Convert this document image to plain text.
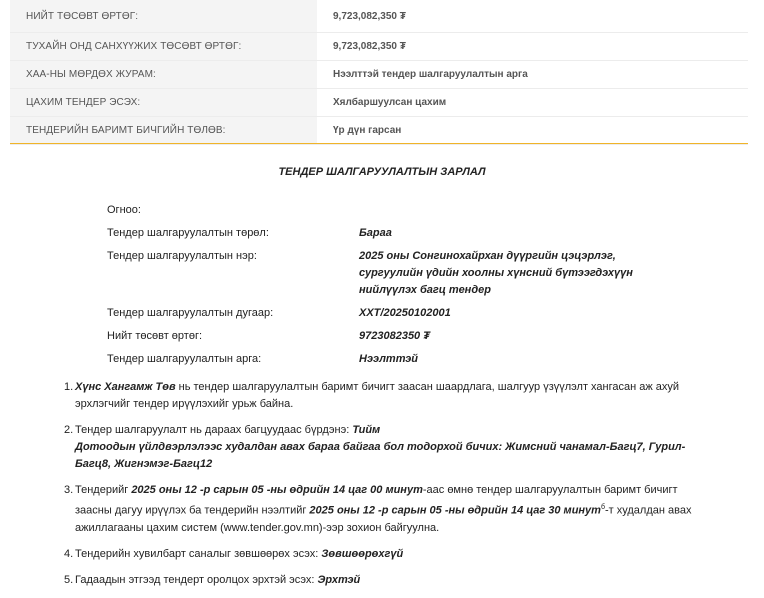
НИЙТ ТӨСӨВТ ӨРТӨГ:	9,723,082,350 ₮
ТУХАЙН ОНД САНХҮҮЖИХ ТӨСӨВТ ӨРТӨГ:	9,723,082,350 ₮
ХАА-НЫ МӨРДӨХ ЖУРАМ:	Нээлттэй тендер шалгаруулалтын арга
ЦАХИМ ТЕНДЕР ЭСЭХ:	Хялбаршуулсан цахим
ТЕНДЕРИЙН БАРИМТ БИЧГИЙН ТӨЛӨВ:	Үр дүн гарсан
ТЕНДЕР ШАЛГАРУУЛАЛТЫН ЗАРЛАЛ
Огноо:
Тендер шалгаруулалтын төрөл:	Бараа
Тендер шалгаруулалтын нэр:	2025 оны Сонгинохайрхан дүүргийн цэцэрлэг, сургуулийн үдийн хоолны хүнсний бүтээгдэхүүн нийлүүлэх багц тендер
Тендер шалгаруулалтын дугаар:	ХХТ/20250102001
Нийт төсөвт өртөг:	9723082350 ₮
Тендер шалгаруулалтын арга:	Нээлттэй
1. Хүнс Хангамж Төв нь тендер шалгаруулалтын баримт бичигт заасан шаардлага, шалгуур үзүүлэлт хангасан аж ахуй эрхлэгчийг тендер ирүүлэхийг урьж байна.
2. Тендер шалгаруулалт нь дараах багцуудаас бүрдэнэ: Тийм
Дотоодын үйлдвэрлэлээс худалдан авах бараа байгаа бол тодорхой бичих: Жимсний чанамал-Багц7, Гурил-Багц8, Жигнэмэг-Багц12
3. Тендерийг 2025 оны 12 -р сарын 05 -ны өдрийн 14 цаг 00 минут-аас өмнө тендер шалгаруулалтын баримт бичигт заасны дагуу ирүүлэх ба тендерийн нээлтийг 2025 оны 12 -р сарын 05 -ны өдрийн 14 цаг 30 минут$^б$-т худалдан авах ажиллагааны цахим систем (www.tender.gov.mn)-ээр зохион байгуулна.
4. Тендерийн хувилбарт саналыг зөвшөөрөх эсэх: Зөвшөөрөхгүй
5. Гадаадын этгээд тендерт оролцох эрхтэй эсэх: Эрхтэй
